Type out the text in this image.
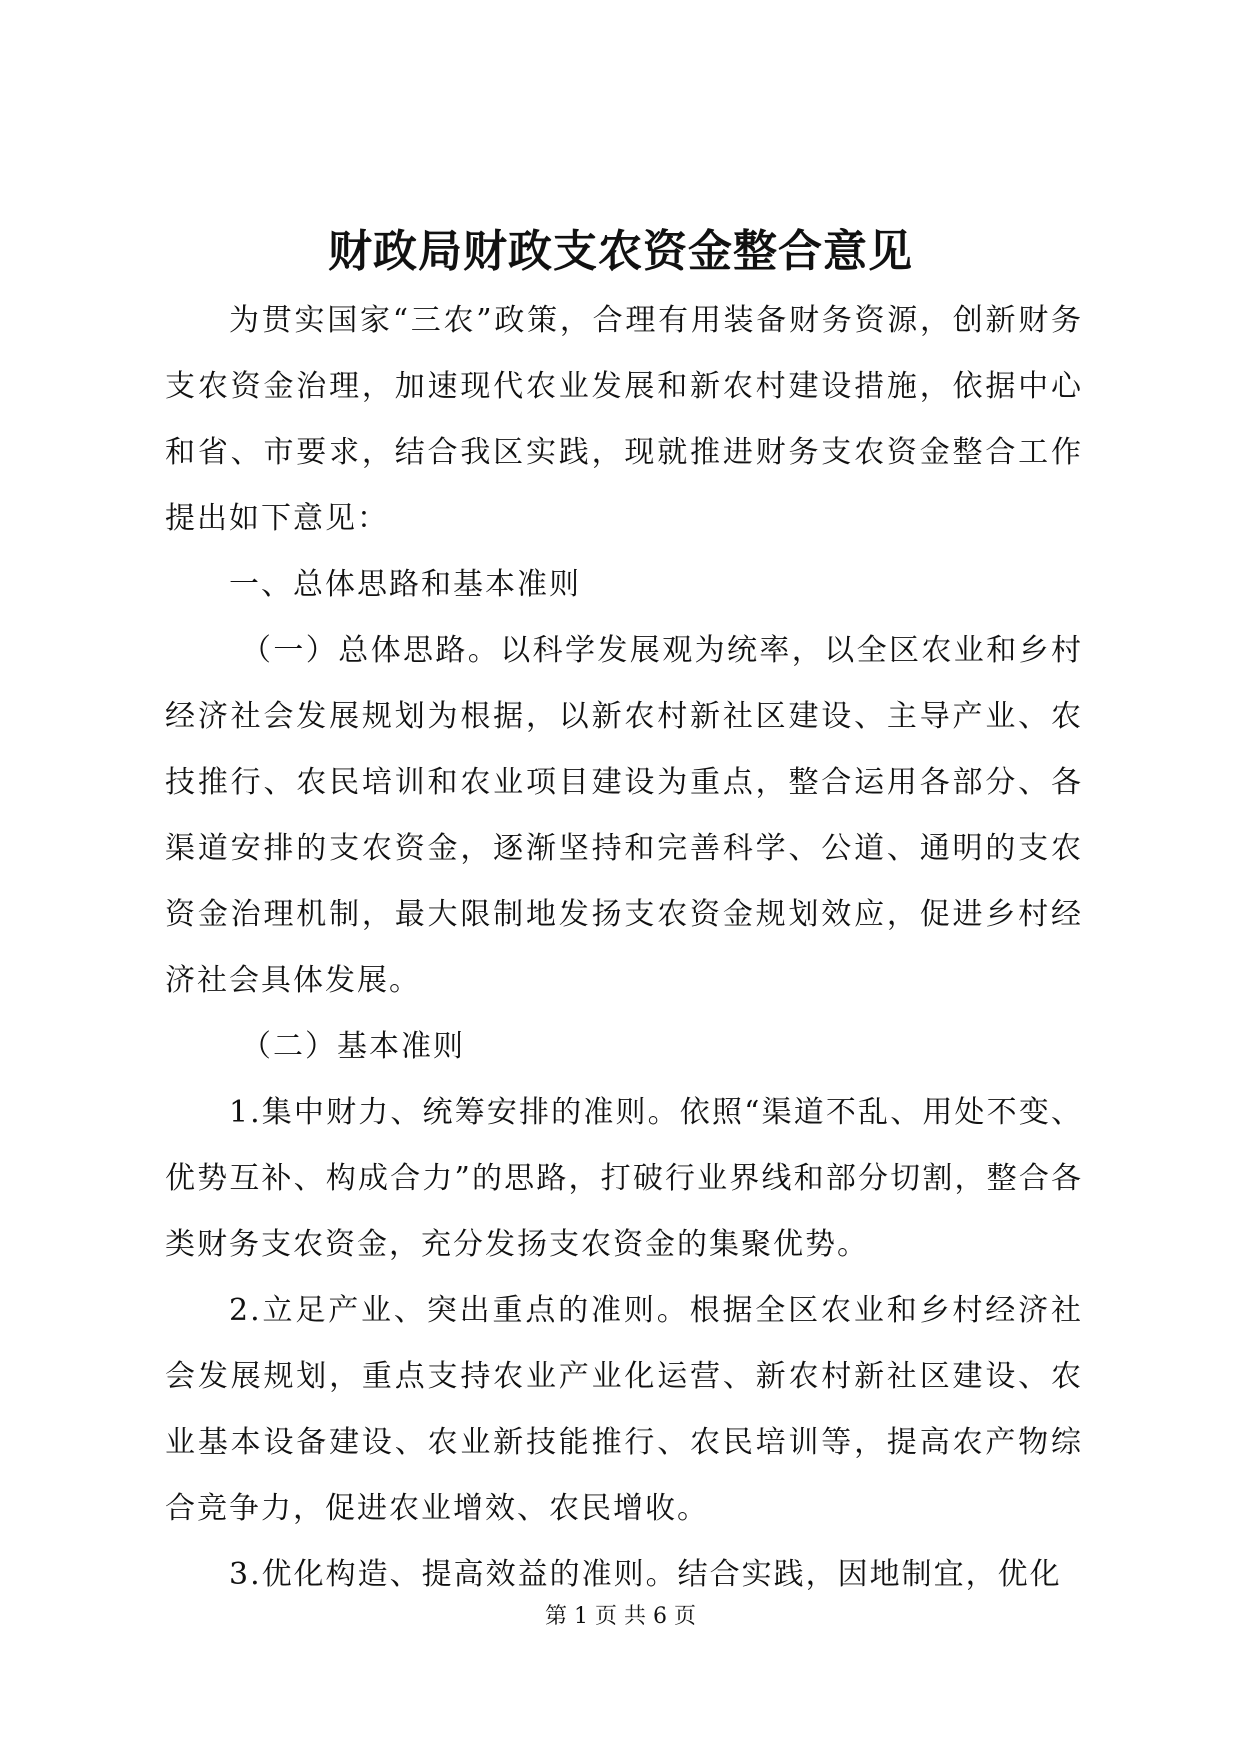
财政局财政支农资金整合意见

为贯实国家“三农”政策，合理有用装备财务资源，创新财务支农资金治理，加速现代农业发展和新农村建设措施，依据中心和省、市要求，结合我区实践，现就推进财务支农资金整合工作提出如下意见：

一、总体思路和基本准则

（一）总体思路。以科学发展观为统率，以全区农业和乡村经济社会发展规划为根据，以新农村新社区建设、主导产业、农技推行、农民培训和农业项目建设为重点，整合运用各部分、各渠道安排的支农资金，逐渐坚持和完善科学、公道、通明的支农资金治理机制，最大限制地发扬支农资金规划效应，促进乡村经济社会具体发展。

（二）基本准则

1.集中财力、统筹安排的准则。依照“渠道不乱、用处不变、优势互补、构成合力”的思路，打破行业界线和部分切割，整合各类财务支农资金，充分发扬支农资金的集聚优势。

2.立足产业、突出重点的准则。根据全区农业和乡村经济社会发展规划，重点支持农业产业化运营、新农村新社区建设、农业基本设备建设、农业新技能推行、农民培训等，提高农产物综合竞争力，促进农业增效、农民增收。

3.优化构造、提高效益的准则。结合实践，因地制宜，优化

第 1 页 共 6 页
